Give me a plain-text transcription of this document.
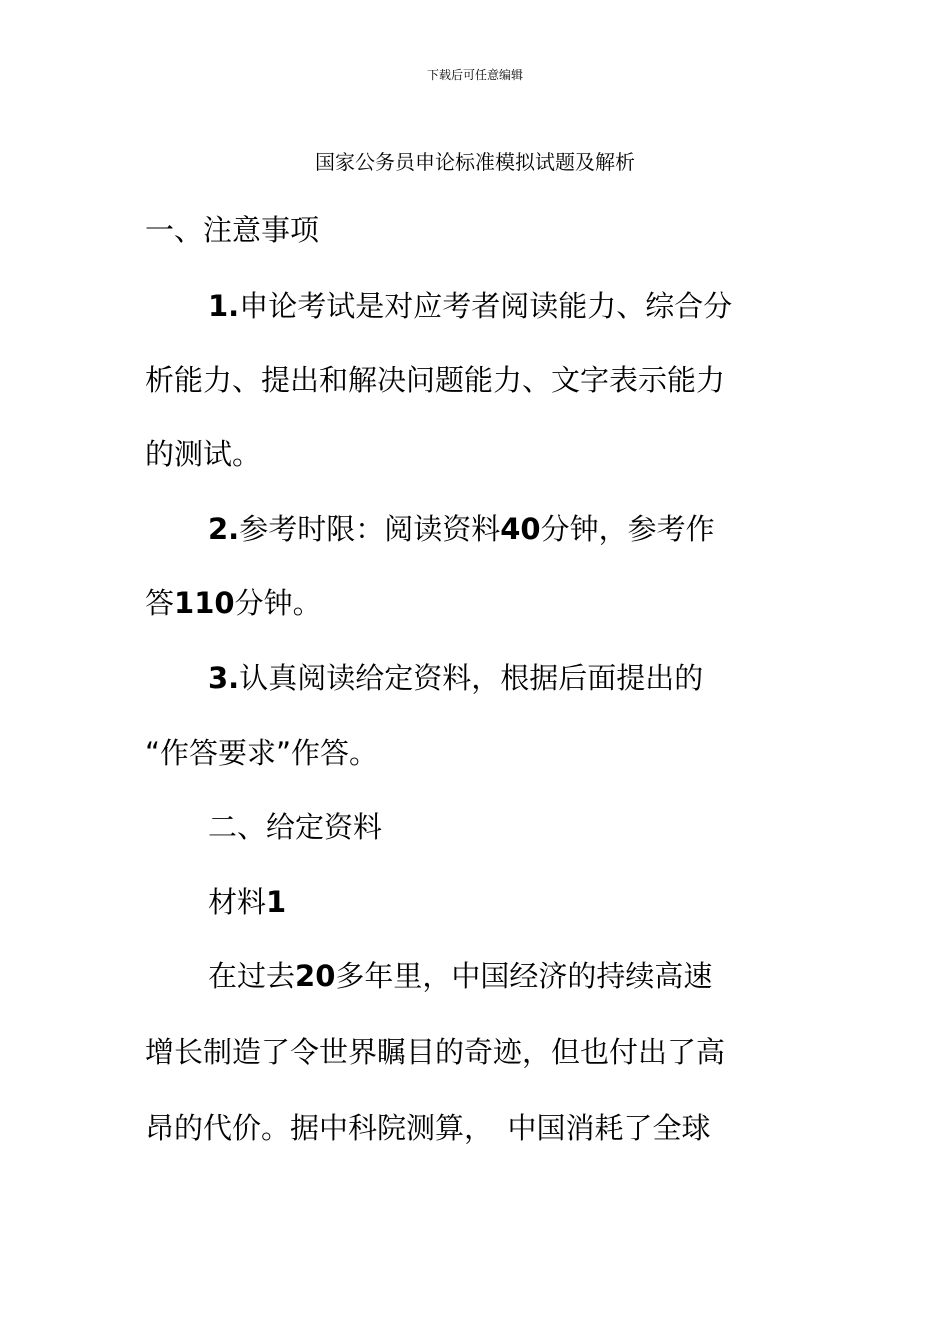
下载后可任意编辑
国家公务员申论标准模拟试题及解析
一、注意事项
1.申论考试是对应考者阅读能力、综合分
析能力、提出和解决问题能力、文字表示能力
的测试。
2.参考时限：阅读资料40分钟，参考作
答110分钟。
3.认真阅读给定资料，根据后面提出的
“作答要求”作答。
二、给定资料
材料1
在过去20多年里，中国经济的持续高速
增长制造了令世界瞩目的奇迹，但也付出了高
昂的代价。据中科院测算，　中国消耗了全球
